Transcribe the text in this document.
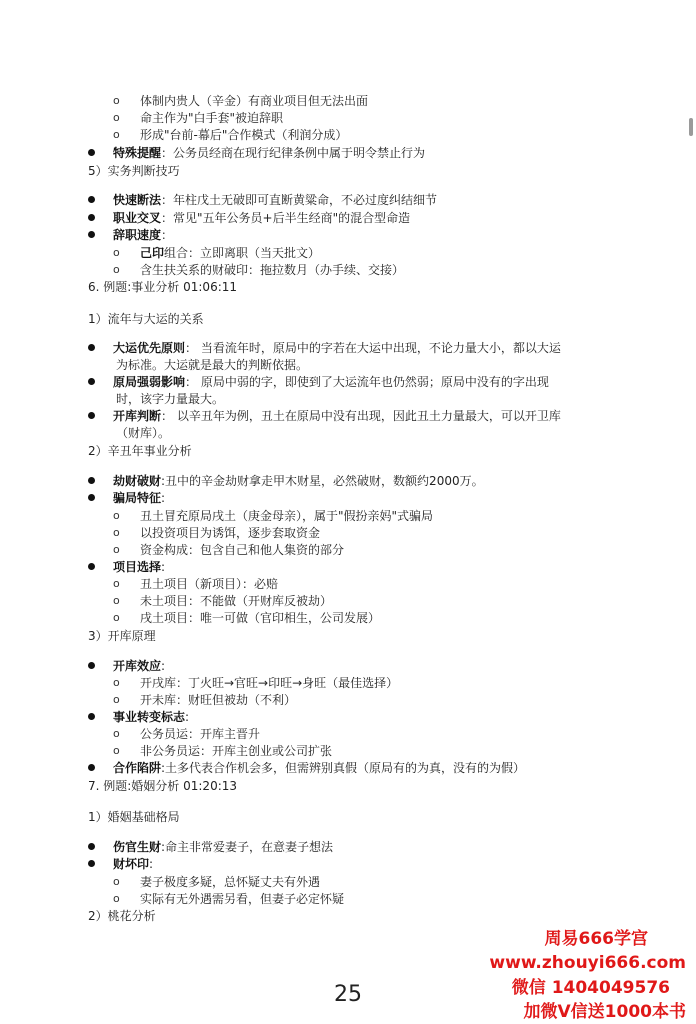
o 体制内贵人（辛金）有商业项目但无法出面
o 命主作为"白手套"被迫辞职
o 形成"台前-幕后"合作模式（利润分成）
特殊提醒：公务员经商在现行纪律条例中属于明令禁止行为
5）实务判断技巧
快速断法：年柱戊土无破即可直断黄粱命，不必过度纠结细节
职业交叉：常见"五年公务员+后半生经商"的混合型命造
辞职速度：
o 己印组合：立即离职（当天批文）
o 含生扶关系的财破印：拖拉数月（办手续、交接）
6. 例题:事业分析 01:06:11
1）流年与大运的关系
大运优先原则： 当看流年时，原局中的字若在大运中出现，不论力量大小，都以大运
为标准。大运就是最大的判断依据。
原局强弱影响： 原局中弱的字，即使到了大运流年也仍然弱；原局中没有的字出现
时，该字力量最大。
开库判断： 以辛丑年为例，丑土在原局中没有出现，因此丑土力量最大，可以开卫库
（财库）。
2）辛丑年事业分析
劫财破财:丑中的辛金劫财拿走甲木财星，必然破财，数额约2000万。
骗局特征:
o 丑土冒充原局戌土（庚金母亲），属于"假扮亲妈"式骗局
o 以投资项目为诱饵，逐步套取资金
o 资金构成：包含自己和他人集资的部分
项目选择:
o 丑土项目（新项目）：必赔
o 未土项目：不能做（开财库反被劫）
o 戌土项目：唯一可做（官印相生，公司发展）
3）开库原理
开库效应:
o 开戌库：丁火旺→官旺→印旺→身旺（最佳选择）
o 开未库：财旺但被劫（不利）
事业转变标志:
o 公务员运：开库主晋升
o 非公务员运：开库主创业或公司扩张
合作陷阱:土多代表合作机会多，但需辨别真假（原局有的为真，没有的为假）
7. 例题:婚姻分析 01:20:13
1）婚姻基础格局
伤官生财:命主非常爱妻子，在意妻子想法
财坏印:
o 妻子极度多疑，总怀疑丈夫有外遇
o 实际有无外遇需另看，但妻子必定怀疑
2）桃花分析
25
周易666学宫
www.zhouyi666.com
微信 1404049576
加微V信送1000本书
